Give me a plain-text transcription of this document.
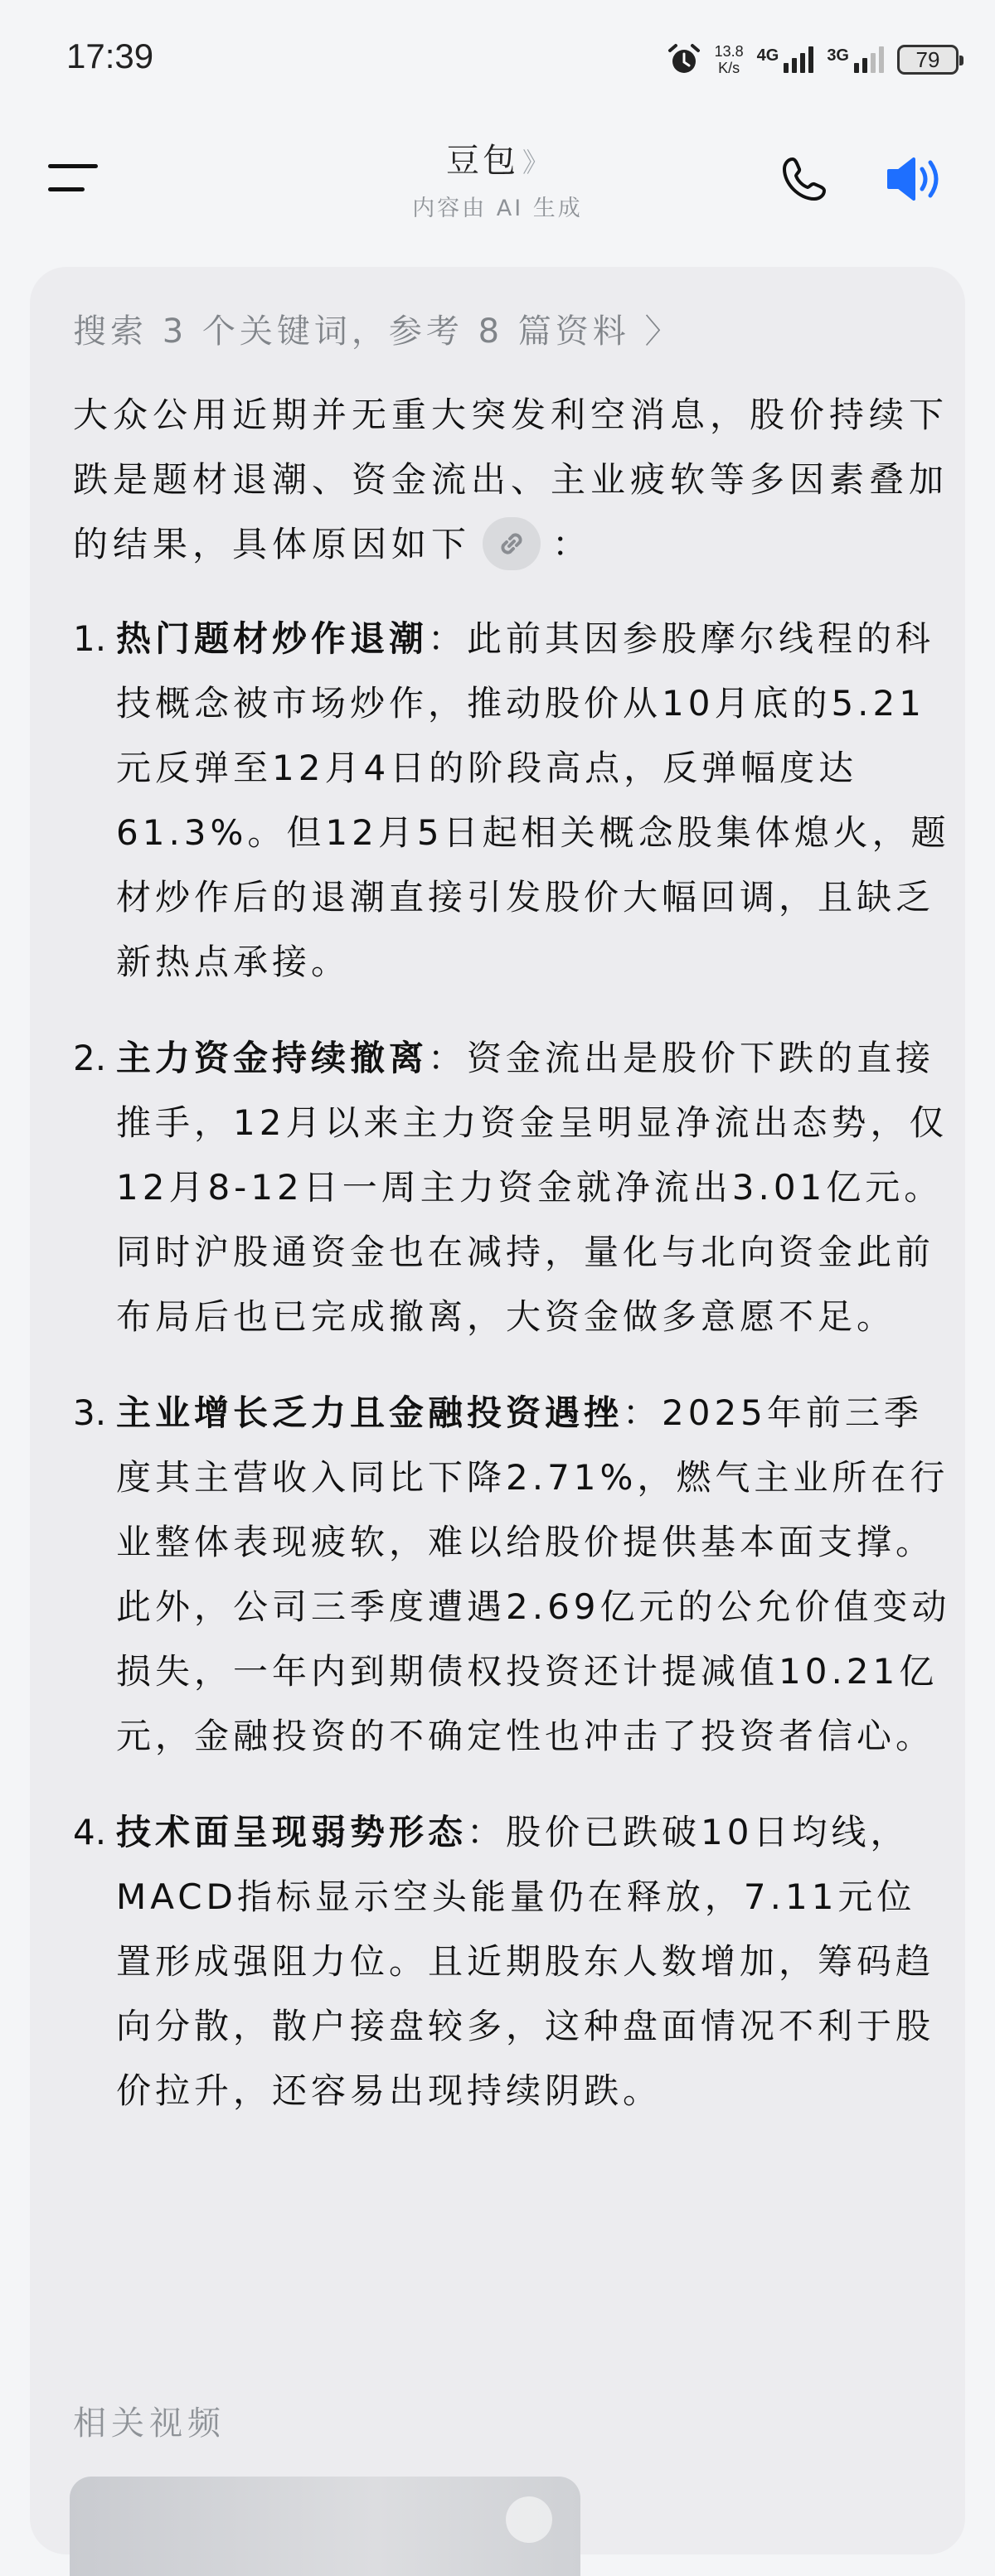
17:39	13.8
K/s
4G	3G	79
豆包 》
内容由 AI 生成
搜索 3 个关键词，参考 8 篇资料 〉

大众公用近期并无重大突发利空消息，股价持续下跌是题材退潮、资金流出、主业疲软等多因素叠加的结果，具体原因如下 ：

1. 热门题材炒作退潮：此前其因参股摩尔线程的科技概念被市场炒作，推动股价从10月底的5.21元反弹至12月4日的阶段高点，反弹幅度达61.3%。但12月5日起相关概念股集体熄火，题材炒作后的退潮直接引发股价大幅回调，且缺乏新热点承接。
2. 主力资金持续撤离：资金流出是股价下跌的直接推手，12月以来主力资金呈明显净流出态势，仅12月8-12日一周主力资金就净流出3.01亿元。同时沪股通资金也在减持，量化与北向资金此前布局后也已完成撤离，大资金做多意愿不足。
3. 主业增长乏力且金融投资遇挫：2025年前三季度其主营收入同比下降2.71%，燃气主业所在行业整体表现疲软，难以给股价提供基本面支撑。此外，公司三季度遭遇2.69亿元的公允价值变动损失，一年内到期债权投资还计提减值10.21亿元，金融投资的不确定性也冲击了投资者信心。
4. 技术面呈现弱势形态：股价已跌破10日均线，MACD指标显示空头能量仍在释放，7.11元位置形成强阻力位。且近期股东人数增加，筹码趋向分散，散户接盘较多，这种盘面情况不利于股价拉升，还容易出现持续阴跌。
相关视频
